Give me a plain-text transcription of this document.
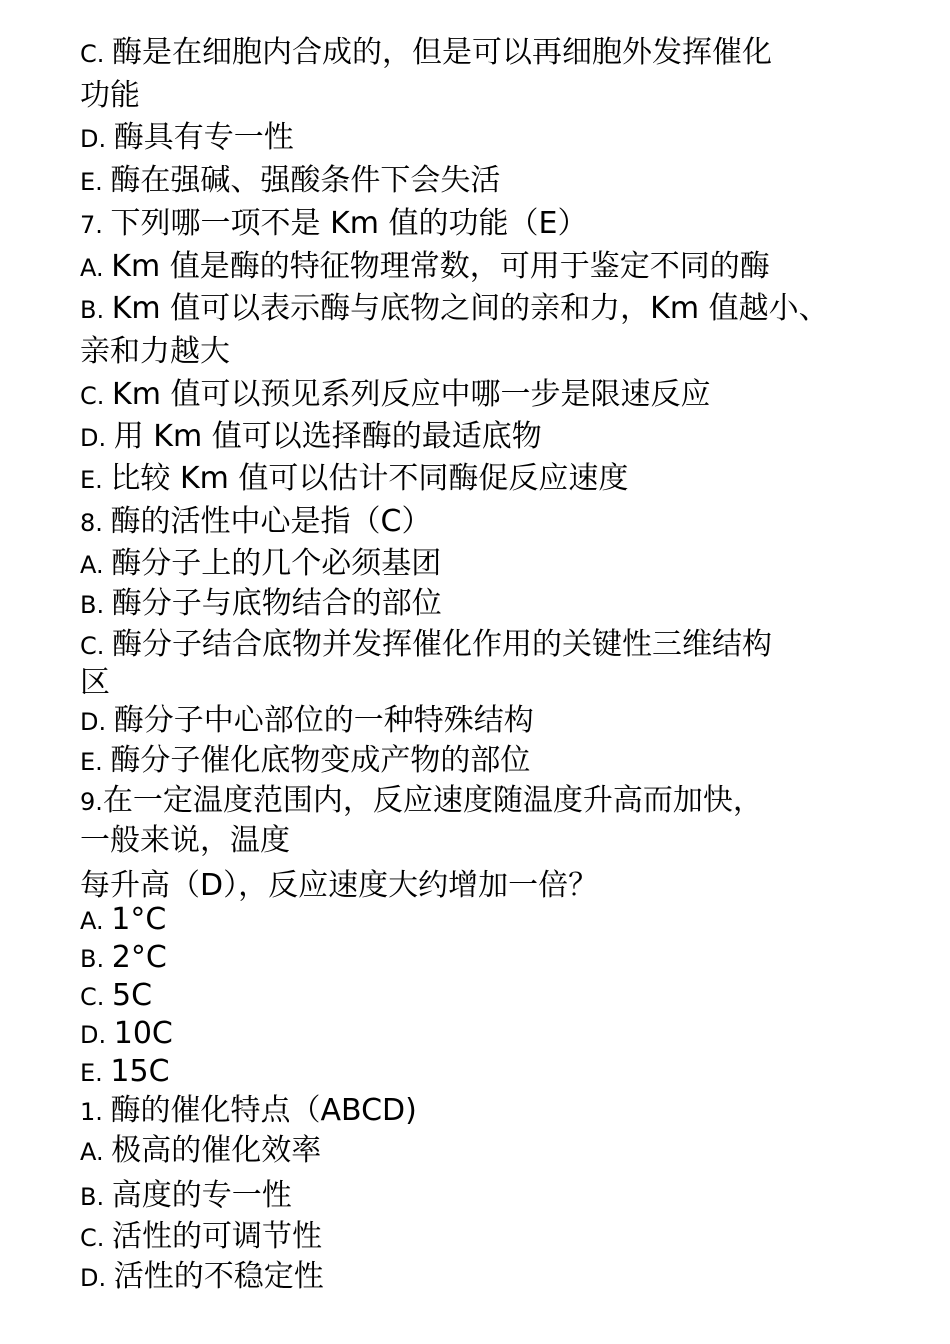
C. 酶是在细胞内合成的，但是可以再细胞外发挥催化
功能
D. 酶具有专一性
E. 酶在强碱、强酸条件下会失活
7. 下列哪一项不是 Km 值的功能（E）
A. Km 值是酶的特征物理常数，可用于鉴定不同的酶
B. Km 值可以表示酶与底物之间的亲和力，Km 值越小、
亲和力越大
C. Km 值可以预见系列反应中哪一步是限速反应
D. 用 Km 值可以选择酶的最适底物
E. 比较 Km 值可以估计不同酶促反应速度
8. 酶的活性中心是指（C）
A. 酶分子上的几个必须基团
B. 酶分子与底物结合的部位
C. 酶分子结合底物并发挥催化作用的关键性三维结构
区
D. 酶分子中心部位的一种特殊结构
E. 酶分子催化底物变成产物的部位
9.在一定温度范围内，反应速度随温度升高而加快，
一般来说，温度
每升高（D），反应速度大约增加一倍？
A. 1°C
B. 2°C
C. 5C
D. 10C
E. 15C
1. 酶的催化特点（ABCD)
A. 极高的催化效率
B. 高度的专一性
C. 活性的可调节性
D. 活性的不稳定性
